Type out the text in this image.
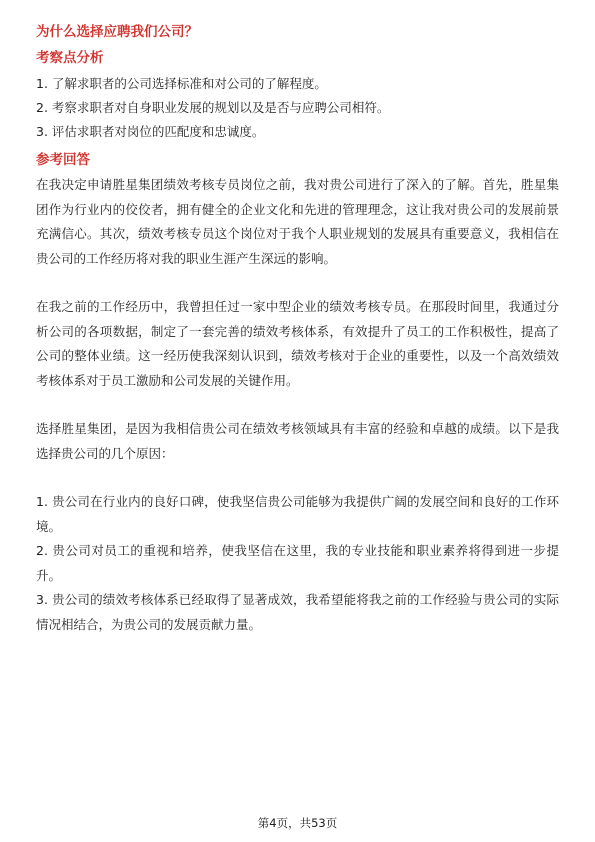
为什么选择应聘我们公司？

考察点分析

1. 了解求职者的公司选择标准和对公司的了解程度。
2. 考察求职者对自身职业发展的规划以及是否与应聘公司相符。
3. 评估求职者对岗位的匹配度和忠诚度。

参考回答

在我决定申请胜星集团绩效考核专员岗位之前，我对贵公司进行了深入的了解。首先，胜星集团作为行业内的佼佼者，拥有健全的企业文化和先进的管理理念，这让我对贵公司的发展前景充满信心。其次，绩效考核专员这个岗位对于我个人职业规划的发展具有重要意义，我相信在贵公司的工作经历将对我的职业生涯产生深远的影响。

在我之前的工作经历中，我曾担任过一家中型企业的绩效考核专员。在那段时间里，我通过分析公司的各项数据，制定了一套完善的绩效考核体系，有效提升了员工的工作积极性，提高了公司的整体业绩。这一经历使我深刻认识到，绩效考核对于企业的重要性，以及一个高效绩效考核体系对于员工激励和公司发展的关键作用。

选择胜星集团，是因为我相信贵公司在绩效考核领域具有丰富的经验和卓越的成绩。以下是我选择贵公司的几个原因：

1. 贵公司在行业内的良好口碑，使我坚信贵公司能够为我提供广阔的发展空间和良好的工作环境。

2. 贵公司对员工的重视和培养，使我坚信在这里，我的专业技能和职业素养将得到进一步提升。

3. 贵公司的绩效考核体系已经取得了显著成效，我希望能将我之前的工作经验与贵公司的实际情况相结合，为贵公司的发展贡献力量。

第4页，共53页
